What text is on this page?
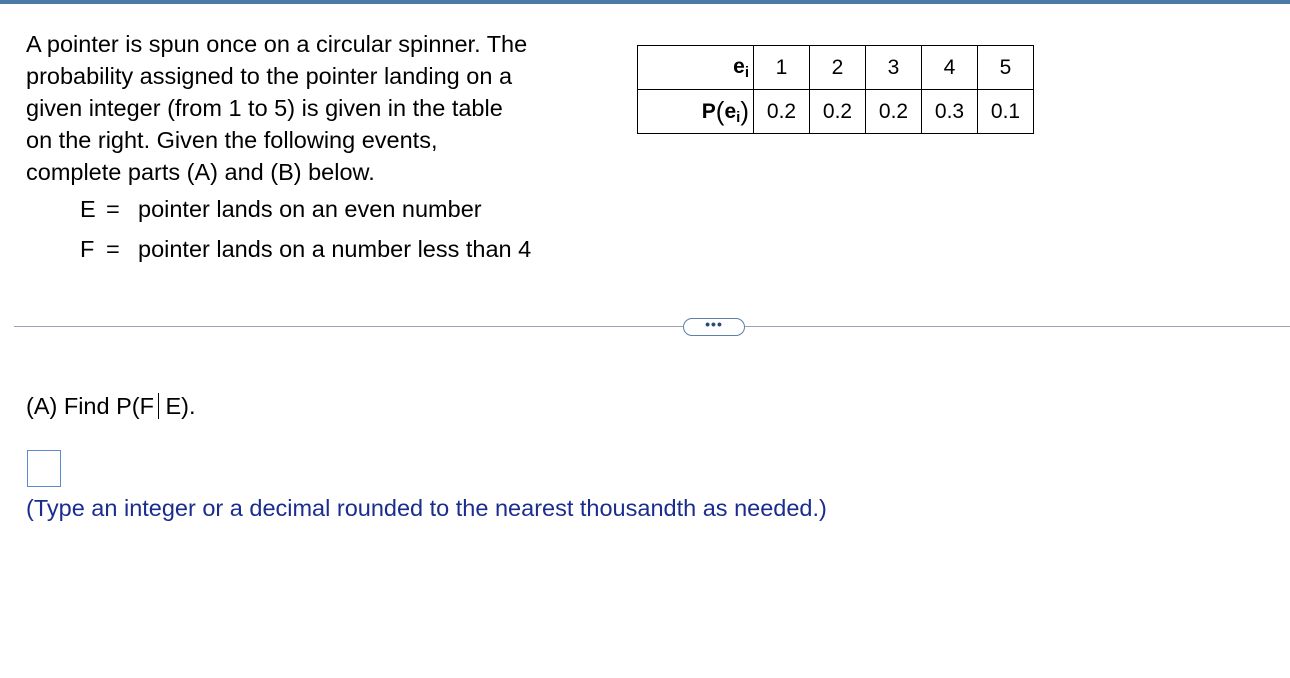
A pointer is spun once on a circular spinner. The
probability assigned to the pointer landing on a
given integer (from 1 to 5) is given in the table
on the right. Given the following events,
complete parts (A) and (B) below.
E = pointer lands on an even number
F = pointer lands on a number less than 4
$e_i$	1	2	3	4	5
$P(e_i)$	0.2	0.2	0.2	0.3	0.1
•••
(A) Find P(F E).
(Type an integer or a decimal rounded to the nearest thousandth as needed.)
